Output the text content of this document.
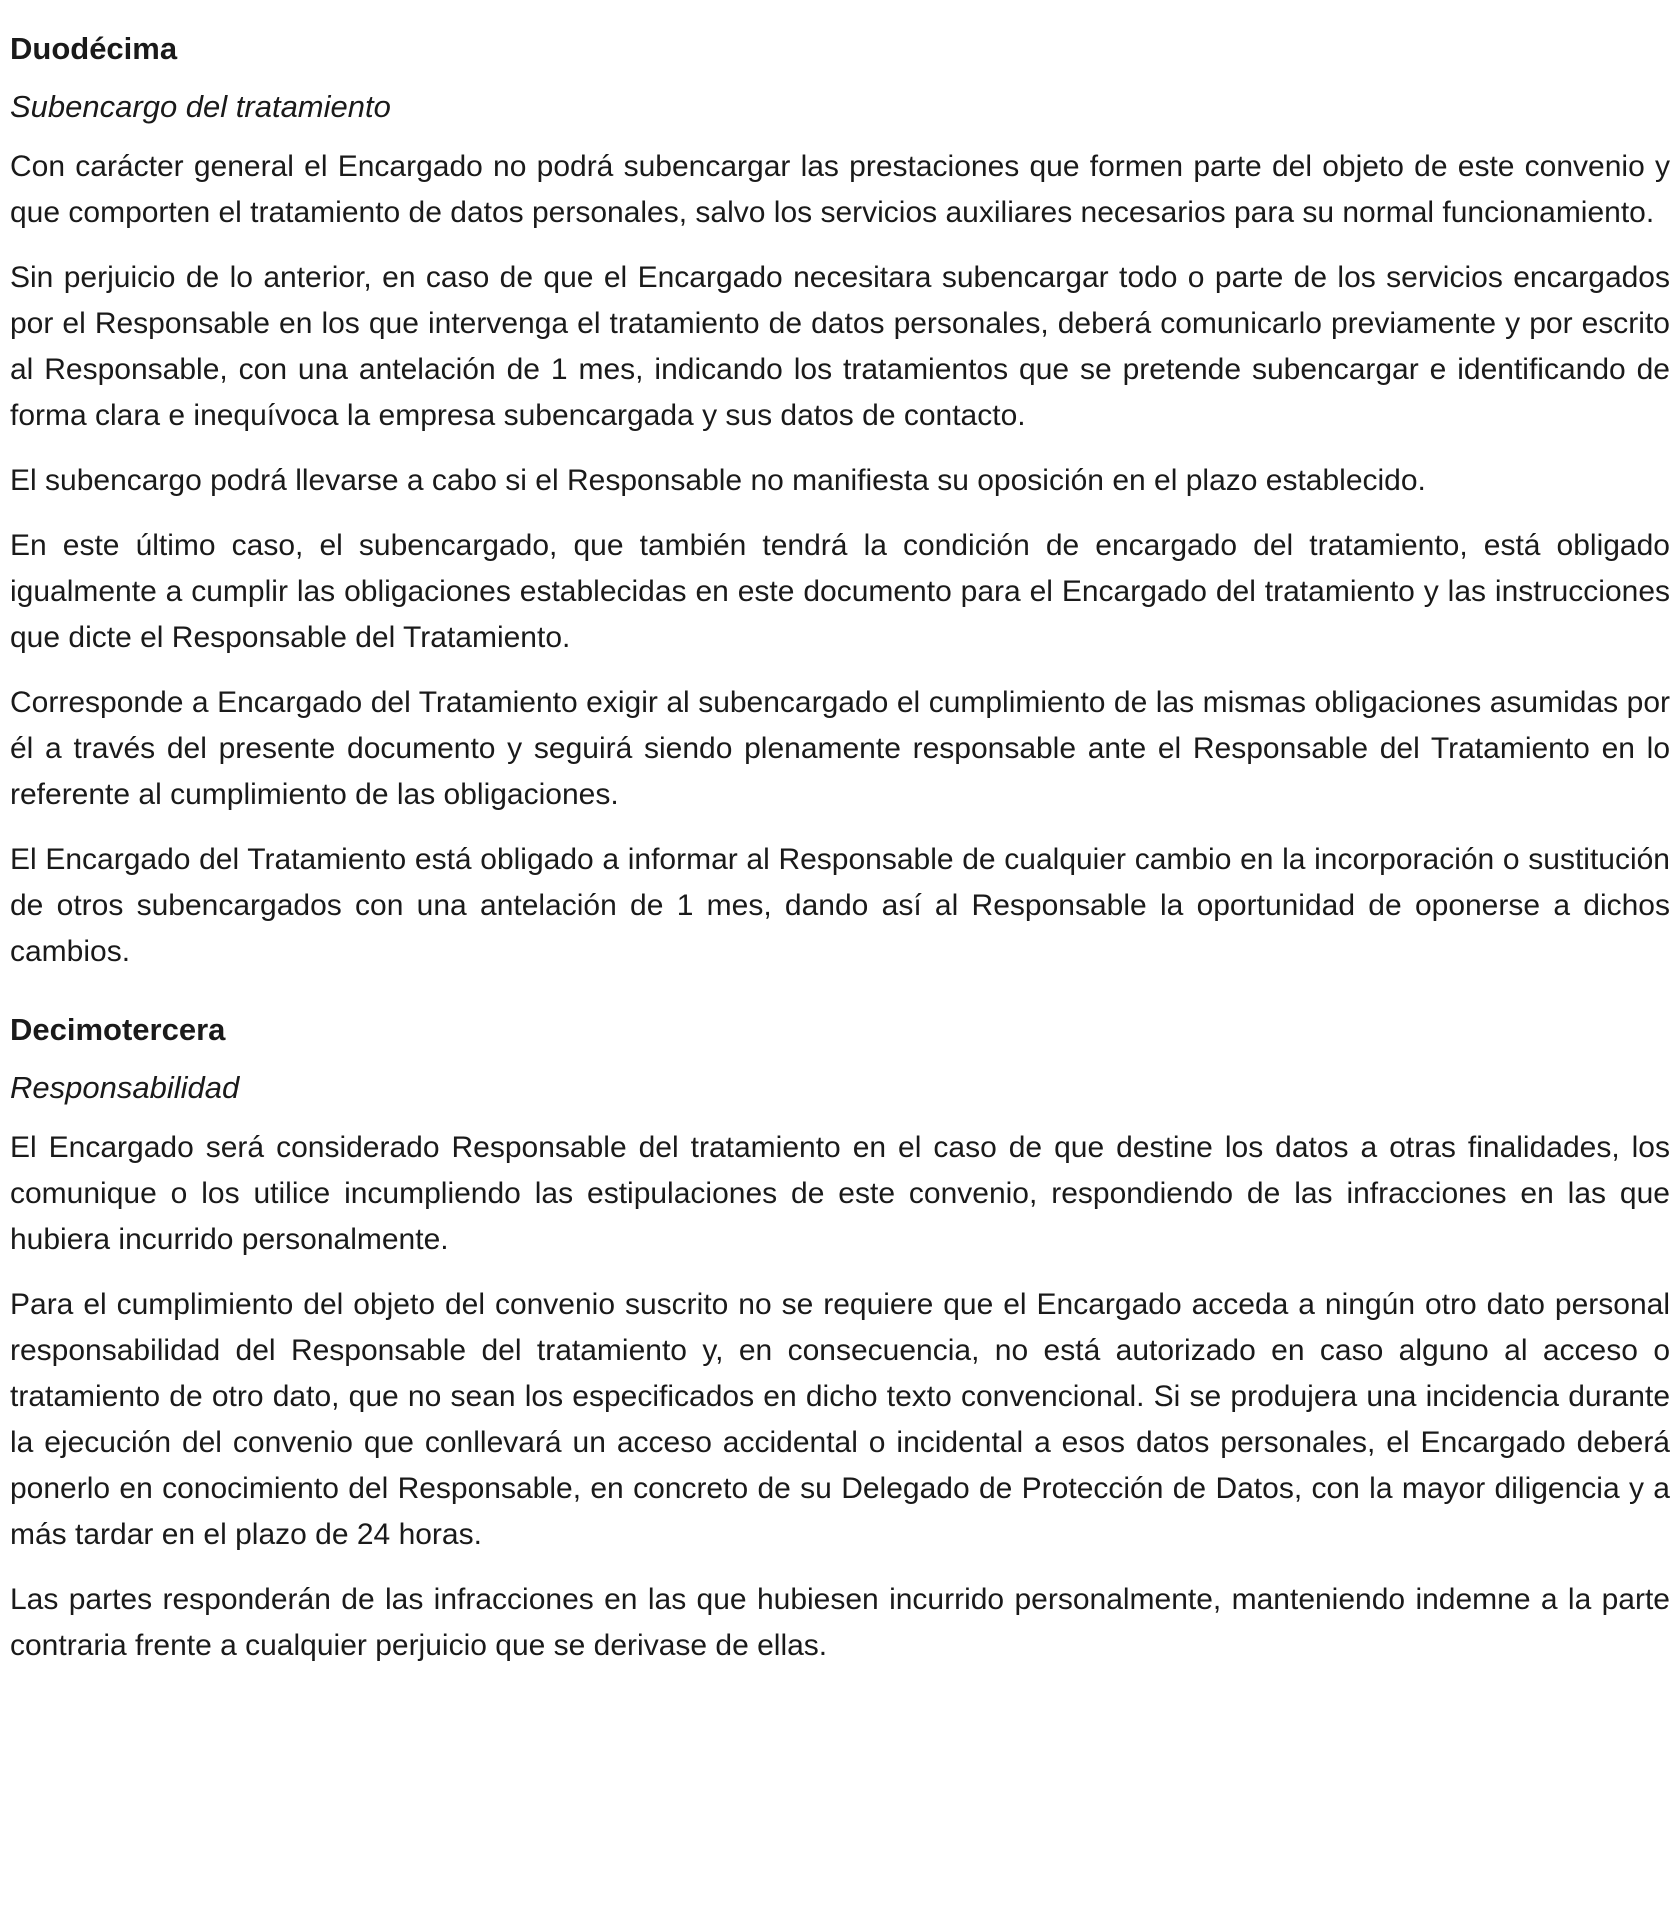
Duodécima
Subencargo del tratamiento

Con carácter general el Encargado no podrá subencargar las prestaciones que formen parte del objeto de este convenio y que comporten el tratamiento de datos personales, salvo los servicios auxiliares necesarios para su normal funcionamiento.

Sin perjuicio de lo anterior, en caso de que el Encargado necesitara subencargar todo o parte de los servicios encargados por el Responsable en los que intervenga el tratamiento de datos personales, deberá comunicarlo previamente y por escrito al Responsable, con una antelación de 1 mes, indicando los tratamientos que se pretende subencargar e identificando de forma clara e inequívoca la empresa subencargada y sus datos de contacto.

El subencargo podrá llevarse a cabo si el Responsable no manifiesta su oposición en el plazo establecido.

En este último caso, el subencargado, que también tendrá la condición de encargado del tratamiento, está obligado igualmente a cumplir las obligaciones establecidas en este documento para el Encargado del tratamiento y las instrucciones que dicte el Responsable del Tratamiento.

Corresponde a Encargado del Tratamiento exigir al subencargado el cumplimiento de las mismas obligaciones asumidas por él a través del presente documento y seguirá siendo plenamente responsable ante el Responsable del Tratamiento en lo referente al cumplimiento de las obligaciones.

El Encargado del Tratamiento está obligado a informar al Responsable de cualquier cambio en la incorporación o sustitución de otros subencargados con una antelación de 1 mes, dando así al Responsable la oportunidad de oponerse a dichos cambios.

Decimotercera
Responsabilidad

El Encargado será considerado Responsable del tratamiento en el caso de que destine los datos a otras finalidades, los comunique o los utilice incumpliendo las estipulaciones de este convenio, respondiendo de las infracciones en las que hubiera incurrido personalmente.

Para el cumplimiento del objeto del convenio suscrito no se requiere que el Encargado acceda a ningún otro dato personal responsabilidad del Responsable del tratamiento y, en consecuencia, no está autorizado en caso alguno al acceso o tratamiento de otro dato, que no sean los especificados en dicho texto convencional. Si se produjera una incidencia durante la ejecución del convenio que conllevará un acceso accidental o incidental a esos datos personales, el Encargado deberá ponerlo en conocimiento del Responsable, en concreto de su Delegado de Protección de Datos, con la mayor diligencia y a más tardar en el plazo de 24 horas.

Las partes responderán de las infracciones en las que hubiesen incurrido personalmente, manteniendo indemne a la parte contraria frente a cualquier perjuicio que se derivase de ellas.
